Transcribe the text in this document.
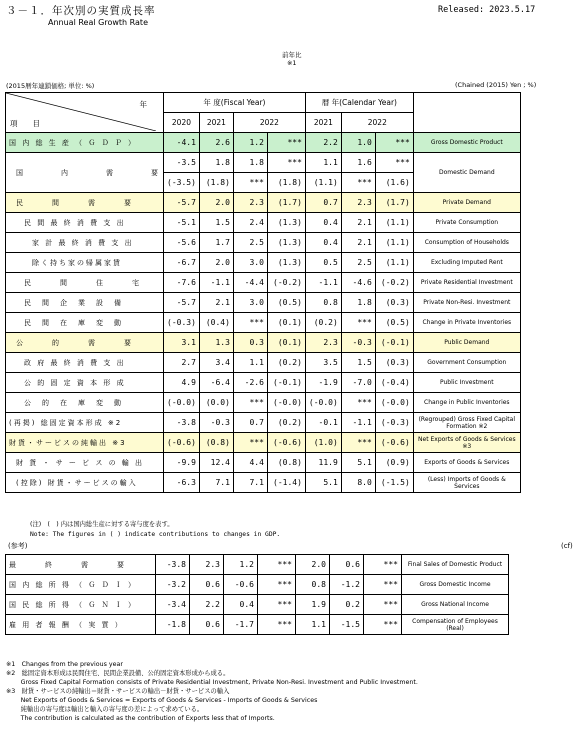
３－１．年次別の実質成長率
Annual Real Growth Rate
Released: 2023.5.17
前年比
※1
(2015暦年連鎖価格; 単位: %)	(Chained (2015) Yen ; %)
年
項　　目	年 度(Fiscal Year)				暦 年(Calendar Year)			
	2020	2021	2022		2021	2022		
国 内 総 生 産 （ Ｇ Ｄ Ｐ ）	-4.1	2.6	1.2	***	2.2	1.0	***	Gross Domestic Product
国　　　　内　　　　需　　　　要	-3.5	1.8	1.8	***	1.1	1.6	***	Domestic Demand
	(-3.5)	(1.8)	***	(1.8)	(1.1)	***	(1.6)	
民　　　間　　　需　　　要	-5.7	2.0	2.3	(1.7)	0.7	2.3	(1.7)	Private Demand
民 間 最 終 消 費 支 出	-5.1	1.5	2.4	(1.3)	0.4	2.1	(1.1)	Private Consumption
家 計 最 終 消 費 支 出	-5.6	1.7	2.5	(1.3)	0.4	2.1	(1.1)	Consumption of Households
除く持ち家の帰属家賃	-6.7	2.0	3.0	(1.3)	0.5	2.5	(1.1)	Excluding Imputed Rent
民　　　間　　　住　　　宅	-7.6	-1.1	-4.4	(-0.2)	-1.1	-4.6	(-0.2)	Private Residential Investment
民　間　企　業　設　備	-5.7	2.1	3.0	(0.5)	0.8	1.8	(0.3)	Private Non-Resi. Investment
民　間　在　庫　変　動	(-0.3)	(0.4)	***	(0.1)	(0.2)	***	(0.5)	Change in Private Inventories
公　　　的　　　需　　　要	3.1	1.3	0.3	(0.1)	2.3	-0.3	(-0.1)	Public Demand
政 府 最 終 消 費 支 出	2.7	3.4	1.1	(0.2)	3.5	1.5	(0.3)	Government Consumption
公 的 固 定 資 本 形 成	4.9	-6.4	-2.6	(-0.1)	-1.9	-7.0	(-0.4)	Public Investment
公　的　在　庫　変　動	(-0.0)	(0.0)	***	(-0.0)	(-0.0)	***	(-0.0)	Change in Public Inventories
(再掲) 総固定資本形成 ※2	-3.8	-0.3	0.7	(0.2)	-0.1	-1.1	(-0.3)	(Regrouped) Gross Fixed Capital Formation ※2
財貨・サービスの純輸出 ※3	(-0.6)	(0.8)	***	(-0.6)	(1.0)	***	(-0.6)	Net Exports of Goods & Services ※3
財 貨 ・ サ ー ビ ス の 輸 出	-9.9	12.4	4.4	(0.8)	11.9	5.1	(0.9)	Exports of Goods & Services
(控除) 財貨・サービスの輸入	-6.3	7.1	7.1	(-1.4)	5.1	8.0	(-1.5)	(Less) Imports of Goods & Services
(注)　(　) 内は国内総生産に対する寄与度を表す。
Note: The figures in ( ) indicate contributions to changes in GDP.
(参考)	(cf)
最　　　終　　　需　　　要	-3.8	2.3	1.2	***	2.0	0.6	***	Final Sales of Domestic Product
国 内 総 所 得 （ Ｇ Ｄ Ｉ ）	-3.2	0.6	-0.6	***	0.8	-1.2	***	Gross Domestic Income
国 民 総 所 得 （ Ｇ Ｎ Ｉ ）	-3.4	2.2	0.4	***	1.9	0.2	***	Gross National Income
雇 用 者 報 酬 （ 実 質 ）	-1.8	0.6	-1.7	***	1.1	-1.5	***	Compensation of Employees (Real)
※1　Changes from the previous year
※2　総固定資本形成は民間住宅、民間企業設備、公的固定資本形成から成る。
　　 Gross Fixed Capital Formation consists of Private Residential Investment, Private Non-Resi. Investment and Public Investment.
※3　財貨・サービスの純輸出＝財貨・サービスの輸出－財貨・サービスの輸入
　　 Net Exports of Goods & Services = Exports of Goods & Services - Imports of Goods & Services
　　 純輸出の寄与度は輸出と輸入の寄与度の差によって求めている。
　　 The contribution is calculated as the contribution of Exports less that of Imports.
